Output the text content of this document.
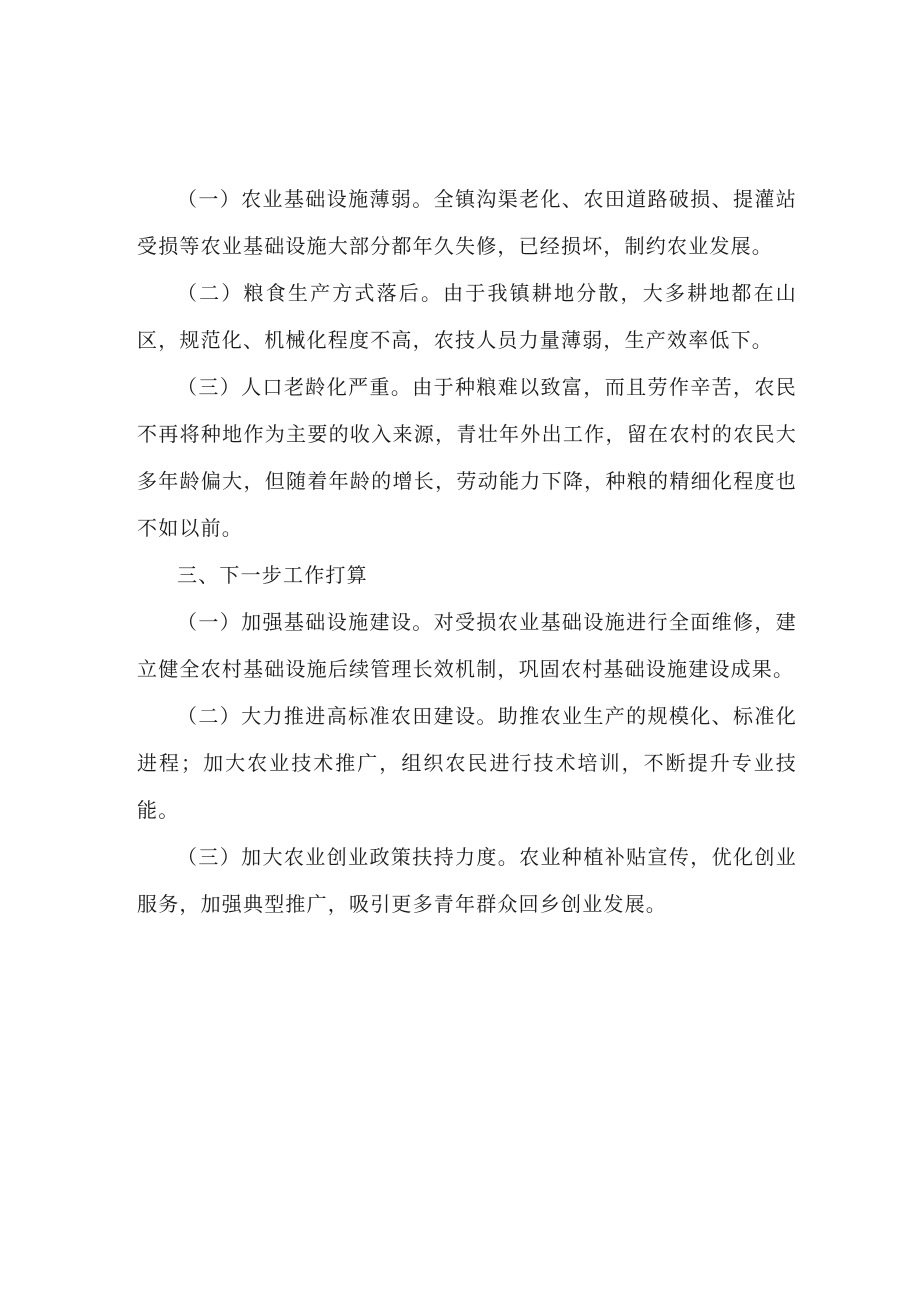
（一）农业基础设施薄弱。全镇沟渠老化、农田道路破损、提灌站受损等农业基础设施大部分都年久失修，已经损坏，制约农业发展。

（二）粮食生产方式落后。由于我镇耕地分散，大多耕地都在山区，规范化、机械化程度不高，农技人员力量薄弱，生产效率低下。

（三）人口老龄化严重。由于种粮难以致富，而且劳作辛苦，农民不再将种地作为主要的收入来源，青壮年外出工作，留在农村的农民大多年龄偏大，但随着年龄的增长，劳动能力下降，种粮的精细化程度也不如以前。

三、下一步工作打算

（一）加强基础设施建设。对受损农业基础设施进行全面维修，建立健全农村基础设施后续管理长效机制，巩固农村基础设施建设成果。

（二）大力推进高标准农田建设。助推农业生产的规模化、标准化进程；加大农业技术推广，组织农民进行技术培训，不断提升专业技能。

（三）加大农业创业政策扶持力度。农业种植补贴宣传，优化创业服务，加强典型推广，吸引更多青年群众回乡创业发展。
